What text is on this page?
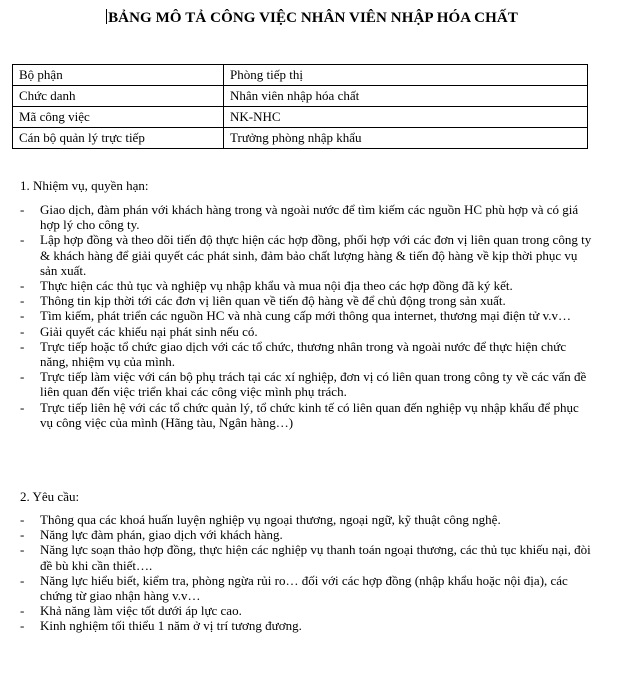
BẢNG MÔ TẢ CÔNG VIỆC NHÂN VIÊN NHẬP HÓA CHẤT
Bộ phận	Phòng tiếp thị
Chức danh	Nhân viên nhập hóa chất
Mã công việc	NK-NHC
Cán bộ quản lý trực tiếp	Trưởng phòng nhập khẩu
1. Nhiệm vụ, quyền hạn:
- Giao dịch, đàm phán với khách hàng trong và ngoài nước để tìm kiếm các nguồn HC phù hợp và có giá hợp lý cho công ty.
- Lập hợp đồng và theo dõi tiến độ thực hiện các hợp đồng, phối hợp với các đơn vị liên quan trong công ty & khách hàng để giải quyết các phát sinh, đảm bảo chất lượng hàng & tiến độ hàng về kịp thời phục vụ sản xuất.
- Thực hiện các thủ tục và nghiệp vụ nhập khẩu và mua nội địa theo các hợp đồng đã ký kết.
- Thông tin kịp thời tới các đơn vị liên quan về tiến độ hàng về để chủ động trong sản xuất.
- Tìm kiếm, phát triển các nguồn HC và nhà cung cấp mới thông qua internet, thương mại điện tử v.v…
- Giải quyết các khiếu nại phát sinh nếu có.
- Trực tiếp hoặc tổ chức giao dịch với các tổ chức, thương nhân trong và ngoài nước để thực hiện chức năng, nhiệm vụ của mình.
- Trực tiếp làm việc với cán bộ phụ trách tại các xí nghiệp, đơn vị có liên quan trong công ty về các vấn đề liên quan đến việc triển khai các công việc mình phụ trách.
- Trực tiếp liên hệ với các tổ chức quản lý, tổ chức kinh tế có liên quan đến nghiệp vụ nhập khẩu để phục vụ công việc của mình (Hãng tàu, Ngân hàng…)
2. Yêu cầu:
- Thông qua các khoá huấn luyện nghiệp vụ ngoại thương, ngoại ngữ, kỹ thuật công nghệ.
- Năng lực đàm phán, giao dịch với khách hàng.
- Năng lực soạn thảo hợp đồng, thực hiện các nghiệp vụ thanh toán ngoại thương, các thủ tục khiếu nại, đòi đề bù khi cần thiết….
- Năng lực hiểu biết, kiểm tra, phòng ngừa rủi ro… đối với các hợp đồng (nhập khẩu hoặc nội địa), các chứng từ giao nhận hàng v.v…
- Khả năng làm việc tốt dưới áp lực cao.
- Kinh nghiệm tối thiểu 1 năm ở vị trí tương đương.
